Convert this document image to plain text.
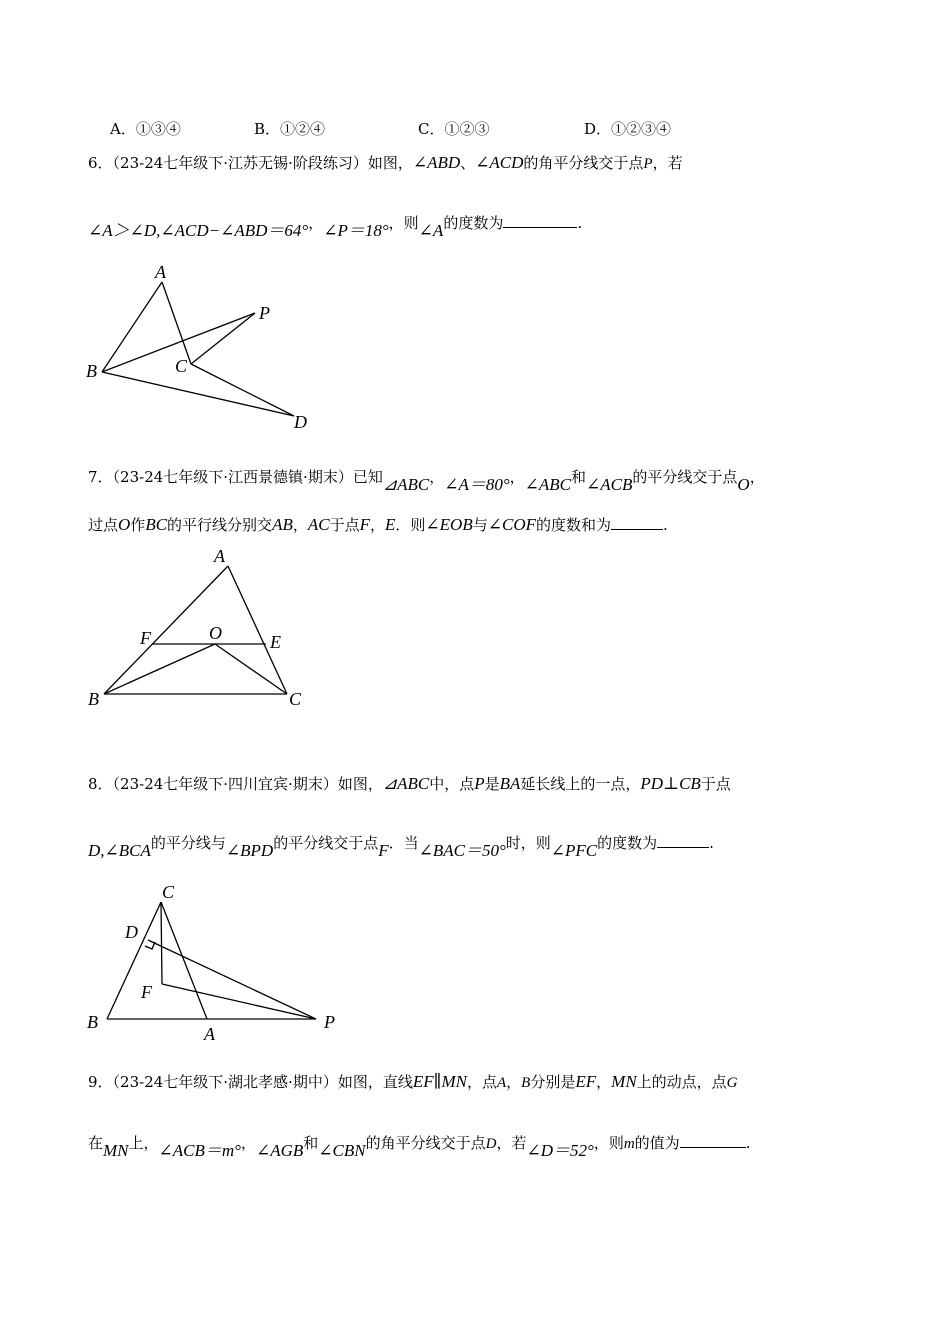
A．①③④	B．①②④	C．①②③	D．①②③④
6．（23-24七年级下·江苏无锡·阶段练习）如图，∠ABD、∠ACD的角平分线交于点P，若
∠A＞∠D,∠ACD−∠ABD＝64°，∠P＝18°，则∠A的度数为	.
A
P
B	C
D
7．（23-24七年级下·江西景德镇·期末）已知⊿ABC，∠A＝80°，∠ABC和∠ACB的平分线交于点O，
过点O作BC的平行线分别交AB，AC于点F，E．则∠EOB与∠COF的度数和为	.
A
F	O	E
B	C
8．（23-24七年级下·四川宜宾·期末）如图，⊿ABC中，点P是BA延长线上的一点，PD⊥CB于点
D,∠BCA的平分线与∠BPD的平分线交于点F．当∠BAC＝50°时，则∠PFC的度数为	.
C
D
F
B
A
P
9．（23-24七年级下·湖北孝感·期中）如图，直线EF∥MN，点A，B分别是EF，MN上的动点，点G
在MN上，∠ACB＝m°，∠AGB和∠CBN的角平分线交于点D，若∠D＝52°，则m的值为	.
